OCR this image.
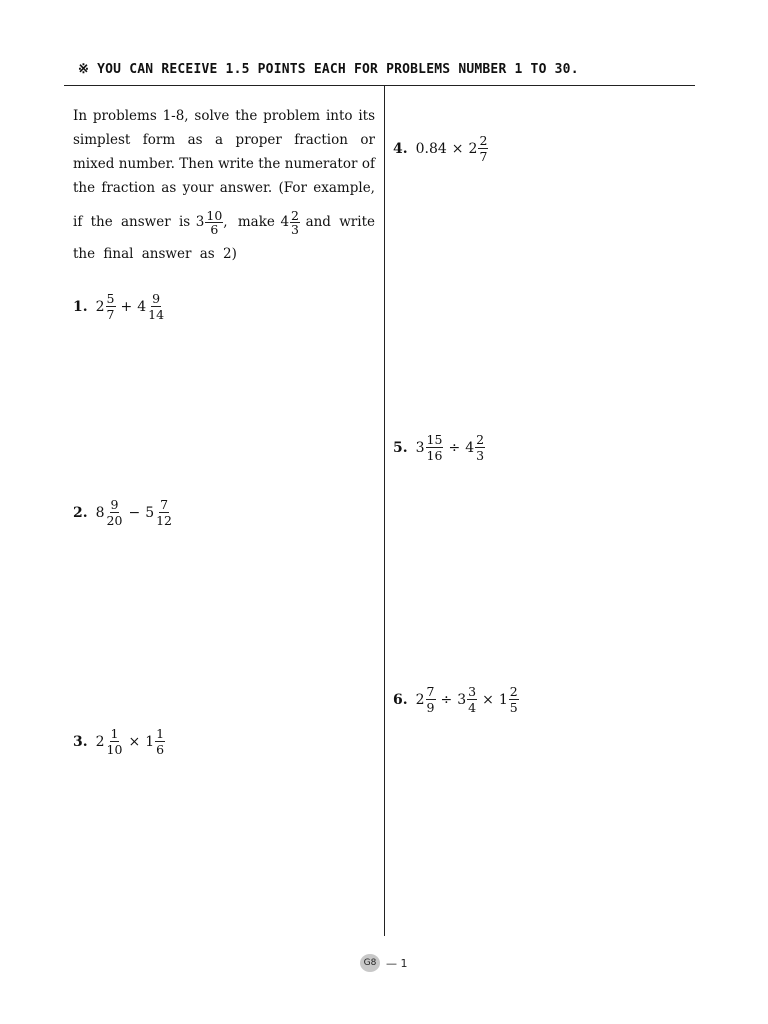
※ YOU CAN RECEIVE 1.5 POINTS EACH FOR PROBLEMS NUMBER 1 TO 30.
In problems 1-8, solve the problem into its
simplest form as a proper fraction or
mixed number. Then write the numerator of
the fraction as your answer. (For example,
if the answer is $3 \frac{10}{6}$ , make $4 \frac{2}{3}$ and write
the final answer as 2)
1. $2 \frac{5}{7} + 4 \frac{9}{14}$
2. $8 \frac{9}{20} - 5 \frac{7}{12}$
3. $2 \frac{1}{10} \times 1 \frac{1}{6}$
4. $0.84 \times 2 \frac{2}{7}$
5. $3 \frac{15}{16} \div 4 \frac{2}{3}$
6. $2 \frac{7}{9} \div 3 \frac{3}{4} \times 1 \frac{2}{5}$
G8 — 1
